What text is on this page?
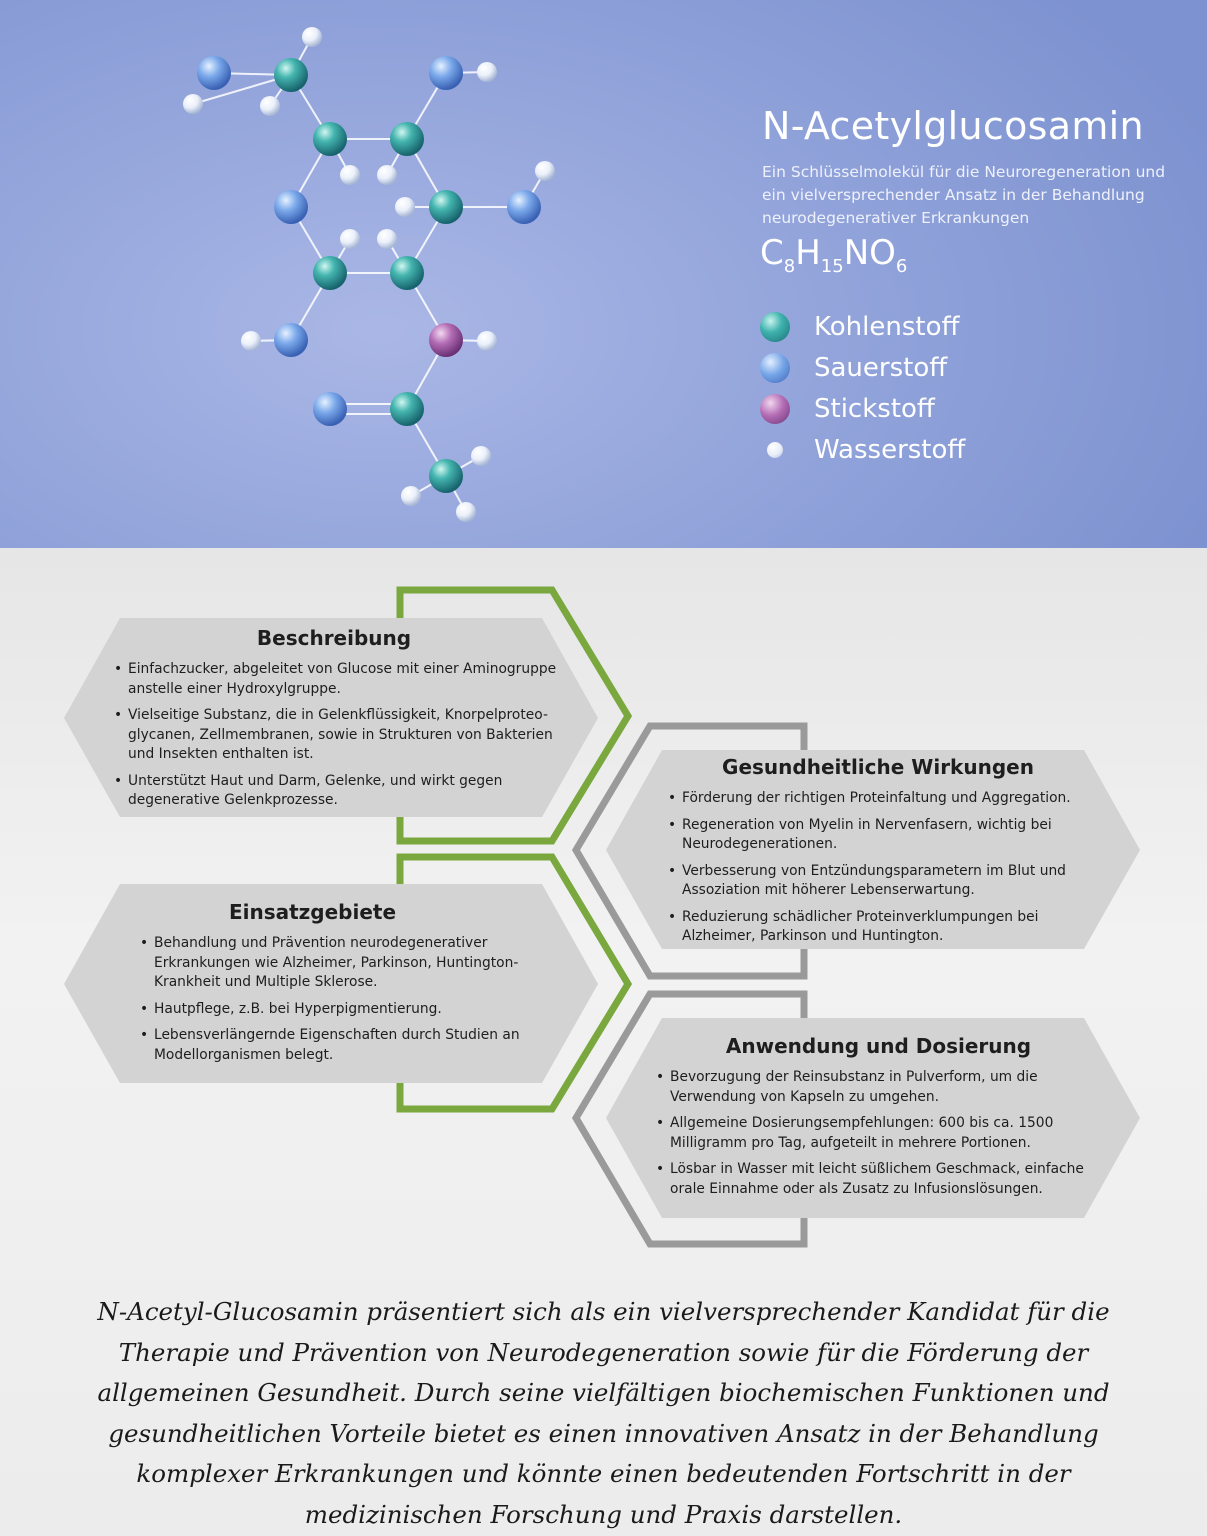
N-Acetylglucosamin
Ein Schlüsselmolekül für die Neuroregeneration und ein vielversprechender Ansatz in der Behandlung neurodegenerativer Erkrankungen
$C_8H_{15}NO_6$
Kohlenstoff
Sauerstoff
Stickstoff
Wasserstoff
Beschreibung
• Einfachzucker, abgeleitet von Glucose mit einer Aminogruppe anstelle einer Hydroxylgruppe.
• Vielseitige Substanz, die in Gelenkflüssigkeit, Knorpelproteo-glycanen, Zellmembranen, sowie in Strukturen von Bakterien und Insekten enthalten ist.
• Unterstützt Haut und Darm, Gelenke, und wirkt gegen degenerative Gelenkprozesse.
Einsatzgebiete
• Behandlung und Prävention neurodegenerativer Erkrankungen wie Alzheimer, Parkinson, Huntington-Krankheit und Multiple Sklerose.
• Hautpflege, z.B. bei Hyperpigmentierung.
• Lebensverlängernde Eigenschaften durch Studien an Modellorganismen belegt.
Gesundheitliche Wirkungen
• Förderung der richtigen Proteinfaltung und Aggregation.
• Regeneration von Myelin in Nervenfasern, wichtig bei Neurodegenerationen.
• Verbesserung von Entzündungsparametern im Blut und Assoziation mit höherer Lebenserwartung.
• Reduzierung schädlicher Proteinverklumpungen bei Alzheimer, Parkinson und Huntington.
Anwendung und Dosierung
• Bevorzugung der Reinsubstanz in Pulverform, um die Verwendung von Kapseln zu umgehen.
• Allgemeine Dosierungsempfehlungen: 600 bis ca. 1500 Milligramm pro Tag, aufgeteilt in mehrere Portionen.
• Lösbar in Wasser mit leicht süßlichem Geschmack, einfache orale Einnahme oder als Zusatz zu Infusionslösungen.
N-Acetyl-Glucosamin präsentiert sich als ein vielversprechender Kandidat für die Therapie und Prävention von Neurodegeneration sowie für die Förderung der allgemeinen Gesundheit. Durch seine vielfältigen biochemischen Funktionen und gesundheitlichen Vorteile bietet es einen innovativen Ansatz in der Behandlung komplexer Erkrankungen und könnte einen bedeutenden Fortschritt in der medizinischen Forschung und Praxis darstellen.
